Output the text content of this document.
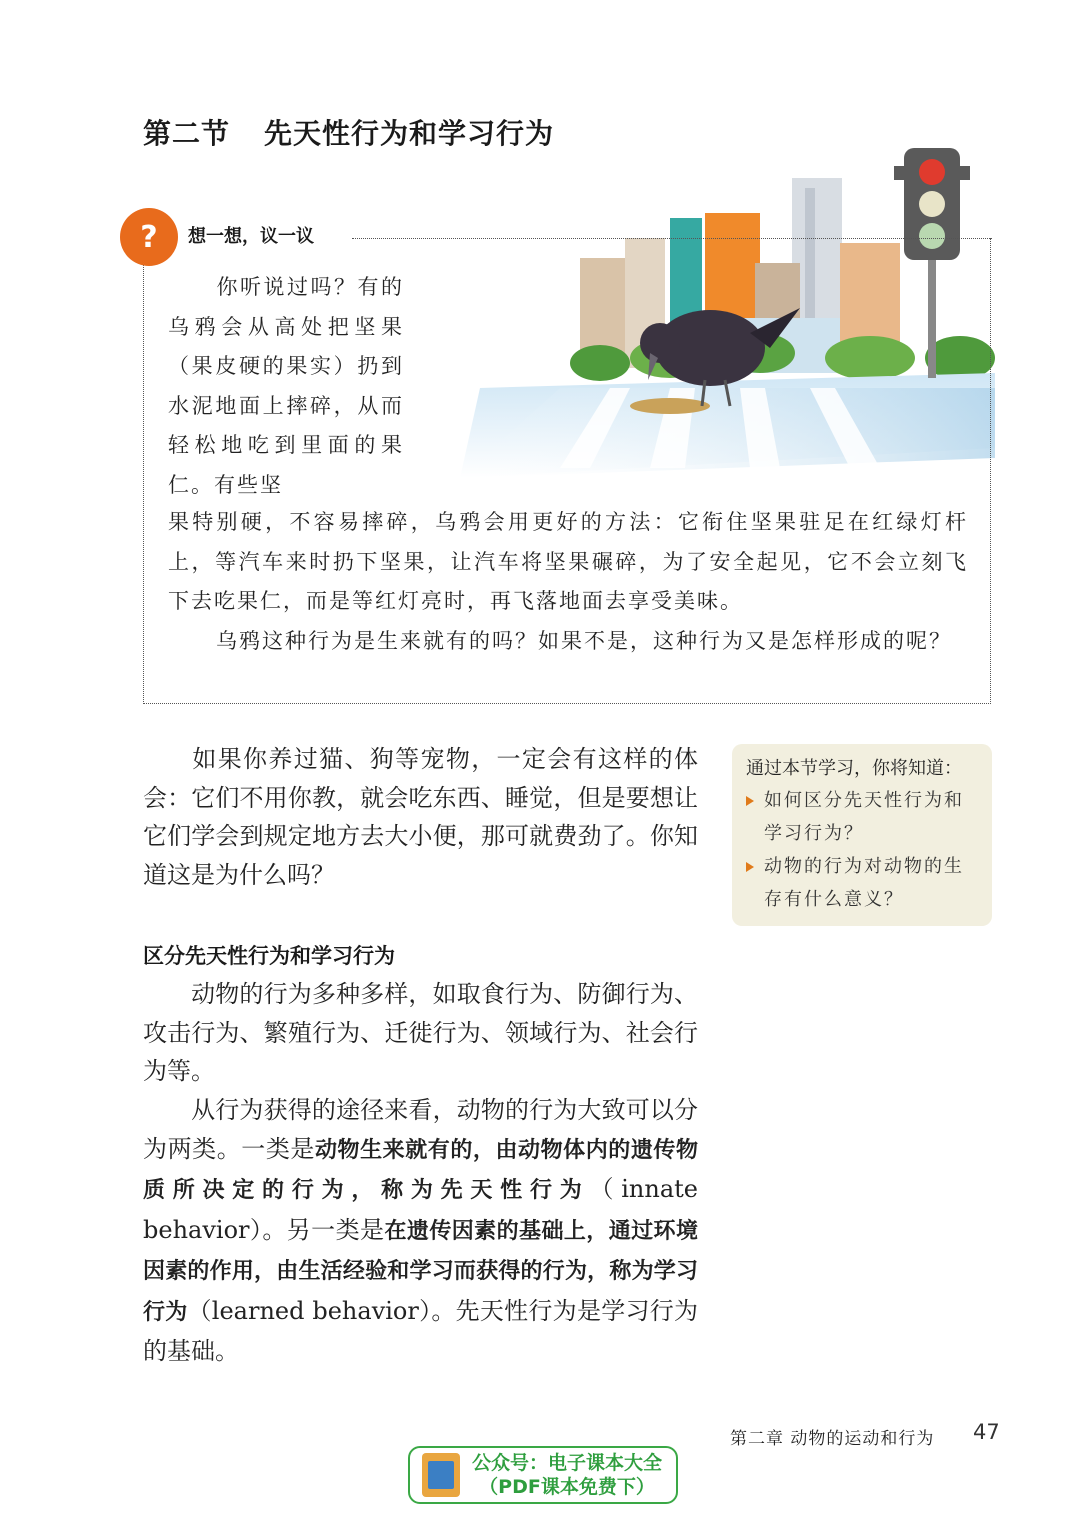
第二节 先天性行为和学习行为
? 想一想，议一议
你听说过吗？有的乌鸦会从高处把坚果（果皮硬的果实）扔到水泥地面上摔碎，从而轻松地吃到里面的果仁。有些坚
果特别硬，不容易摔碎，乌鸦会用更好的方法：它衔住坚果驻足在红绿灯杆上，等汽车来时扔下坚果，让汽车将坚果碾碎，为了安全起见，它不会立刻飞下去吃果仁，而是等红灯亮时，再飞落地面去享受美味。
乌鸦这种行为是生来就有的吗？如果不是，这种行为又是怎样形成的呢？
通过本节学习，你将知道：
如何区分先天性行为和学习行为？
动物的行为对动物的生存有什么意义？
如果你养过猫、狗等宠物，一定会有这样的体会：它们不用你教，就会吃东西、睡觉，但是要想让它们学会到规定地方去大小便，那可就费劲了。你知道这是为什么吗？
区分先天性行为和学习行为
动物的行为多种多样，如取食行为、防御行为、攻击行为、繁殖行为、迁徙行为、领域行为、社会行为等。
从行为获得的途径来看，动物的行为大致可以分为两类。一类是动物生来就有的，由动物体内的遗传物质所决定的行为，称为先天性行为（innate behavior）。另一类是在遗传因素的基础上，通过环境因素的作用，由生活经验和学习而获得的行为，称为学习行为（learned behavior）。先天性行为是学习行为的基础。
第二章 动物的运动和行为 47
公众号：电子课本大全
（PDF课本免费下）
